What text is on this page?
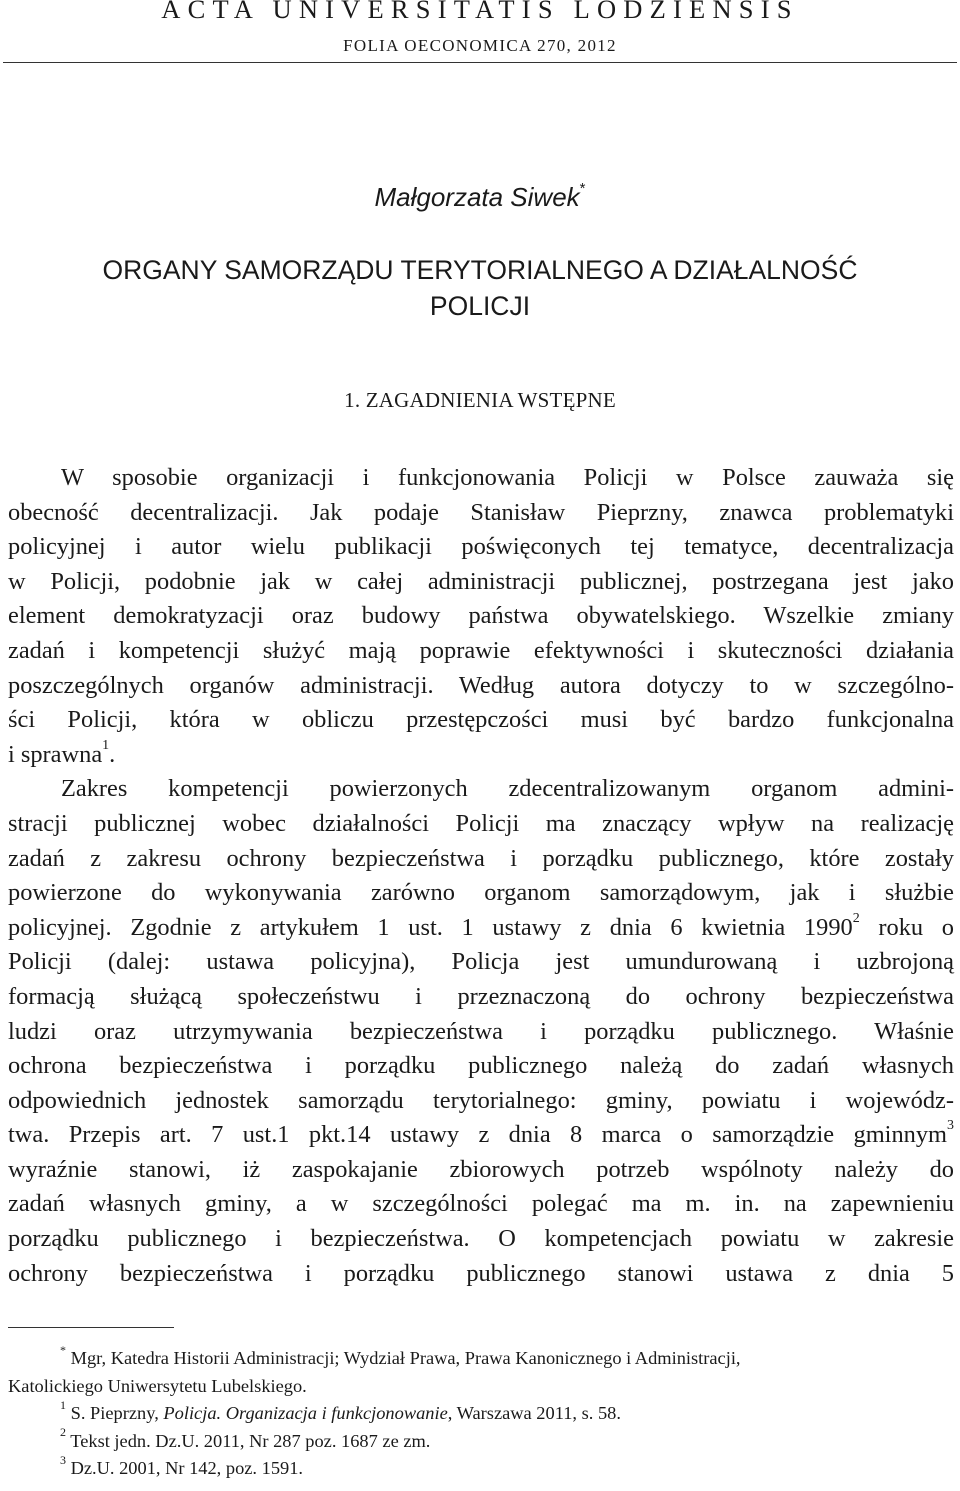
ACTA UNIVERSITATIS LODZIENSIS
FOLIA OECONOMICA 270, 2012
Małgorzata Siwek*
ORGANY SAMORZĄDU TERYTORIALNEGO A DZIAŁALNOŚĆ
POLICJI
1. ZAGADNIENIA WSTĘPNE
W sposobie organizacji i funkcjonowania Policji w Polsce zauważa się
obecność decentralizacji. Jak podaje Stanisław Pieprzny, znawca problematyki
policyjnej i autor wielu publikacji poświęconych tej tematyce, decentralizacja
w Policji, podobnie jak w całej administracji publicznej, postrzegana jest jako
element demokratyzacji oraz budowy państwa obywatelskiego. Wszelkie zmiany
zadań i kompetencji służyć mają poprawie efektywności i skuteczności działania
poszczególnych organów administracji. Według autora dotyczy to w szczególno-
ści Policji, która w obliczu przestępczości musi być bardzo funkcjonalna
i sprawna$^1$.
Zakres kompetencji powierzonych zdecentralizowanym organom admini-
stracji publicznej wobec działalności Policji ma znaczący wpływ na realizację
zadań z zakresu ochrony bezpieczeństwa i porządku publicznego, które zostały
powierzone do wykonywania zarówno organom samorządowym, jak i służbie
policyjnej. Zgodnie z artykułem 1 ust. 1 ustawy z dnia 6 kwietnia 1990$^2$ roku o
Policji (dalej: ustawa policyjna), Policja jest umundurowaną i uzbrojoną
formacją służącą społeczeństwu i przeznaczoną do ochrony bezpieczeństwa
ludzi oraz utrzymywania bezpieczeństwa i porządku publicznego. Właśnie
ochrona bezpieczeństwa i porządku publicznego należą do zadań własnych
odpowiednich jednostek samorządu terytorialnego: gminy, powiatu i wojewódz-
twa. Przepis art. 7 ust.1 pkt.14 ustawy z dnia 8 marca o samorządzie gminnym$^3$
wyraźnie stanowi, iż zaspokajanie zbiorowych potrzeb wspólnoty należy do
zadań własnych gminy, a w szczególności polegać ma m. in. na zapewnieniu
porządku publicznego i bezpieczeństwa. O kompetencjach powiatu w zakresie
ochrony bezpieczeństwa i porządku publicznego stanowi ustawa z dnia 5
* Mgr, Katedra Historii Administracji; Wydział Prawa, Prawa Kanonicznego i Administracji,
Katolickiego Uniwersytetu Lubelskiego.
$^1$ S. Pieprzny, Policja. Organizacja i funkcjonowanie, Warszawa 2011, s. 58.
$^2$ Tekst jedn. Dz.U. 2011, Nr 287 poz. 1687 ze zm.
$^3$ Dz.U. 2001, Nr 142, poz. 1591.
